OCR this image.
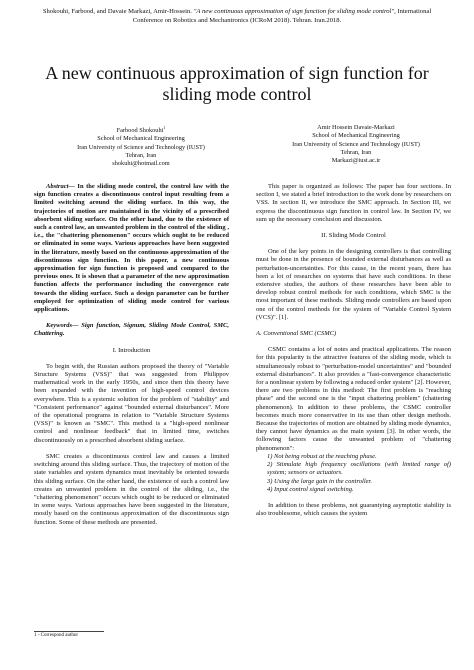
Shokouhi, Farbood, and Davaie Markazi, Amir-Hossein. "A new continuous approximation of sign function for sliding mode control", International Conference on Robotics and Mechantronics (ICRoM 2018). Tehran. Iran.2018.
A new continuous approximation of sign function for sliding mode control
Farbood Shokouhi$^1$
School of Mechanical Engineering
Iran University of Science and Technology (IUST)
Tehran, Iran
shokuhi@hotmail.com
Amir Hossein Davaie-Markazi
School of Mechanical Engineering
Iran University of Science and Technology (IUST)
Tehran, Iran
Markazi@iust.ac.ir

Abstract— In the sliding mode control, the control law with the sign function creates a discontinuous control input resulting from a limited switching around the sliding surface. In this way, the trajectories of motion are maintained in the vicinity of a prescribed absorbent sliding surface. On the other hand, due to the existence of such a control law, an unwanted problem in the control of the sliding , i.e., the "chattering phenomenon" occurs which ought to be reduced or eliminated in some ways. Various approaches have been suggested in the literature, mostly based on the continuous approximation of the discontinuous sign function. In this paper, a new continuous approximation for sign function is proposed and compared to the previous ones. It is shown that a parameter of the new approximation function affects the performance including the convergence rate towards the sliding surface. Such a design parameter can be further employed for optimization of sliding mode control for various applications.

Keywords— Sign function, Signum, Sliding Mode Control, SMC, Chattering.

I. Introduction

To begin with, the Russian authors proposed the theory of "Variable Structure Systems (VSS)" that was suggested from Philippov mathematical work in the early 1950s, and since then this theory have been expanded with the invention of high-speed control devices everywhere. This is a systemic solution for the problem of "stability" and "Consistent performance" against "bounded external disturbances". More of the operational programs in relation to "Variable Structure Systems (VSS)" is known as "SMC". This method is a "high-speed nonlinear control and nonlinear feedback" that in limited time, switches discontinuously on a prescribed absorbent sliding surface.

SMC creates a discontinuous control law and causes a limited switching around this sliding surface. Thus, the trajectory of motion of the state variables and system dynamics must inevitably be oriented towards this sliding surface. On the other hand, the existence of such a control law creates an unwanted problem in the control of the sliding, i.e., the "chattering phenomenon" occurs which ought to be reduced or eliminated in some ways. Various approaches have been suggested in the literature, mostly based on the continuous approximation of the discontinuous sign function. Some of these methods are presented.

This paper is organized as follows: The paper has four sections. In section I, we stated a brief introduction to the work done by researchers on VSS. In section II, we introduce the SMC approach. In Section III, we express the discontinuous sign function in control law. In Section IV, we sum up the necessary conclusion and discussion.

II. Sliding Mode Control

One of the key points in the designing controllers is that controlling must be done in the presence of bounded external disturbances as well as perturbation-uncertainties. For this cause, in the recent years, there has been a lot of researches on systems that have such conditions. In these extensive studies, the authors of these researches have been able to develop robust control methods for such conditions, which SMC is the most important of these methods. Sliding mode controllers are based upon one of the control methods for the system of "Variable Control System (VCS)". [1].

A. Conventional SMC (CSMC)

CSMC contains a lot of notes and practical applications. The reason for this popularity is the attractive features of the sliding mode, which is simultaneously robust to "perturbation-model uncertainties" and "bounded external disturbances". It also provides a "fast-convergence characteristic for a nonlinear system by following a reduced order system" [2]. However, there are two problems in this method: The first problem is "reaching phase" and the second one is the "input chattering problem" (chattering phenomenon). In addition to these problems, the CSMC controller becomes much more conservative in its use than other design methods. Because the trajectories of motion are obtained by sliding mode dynamics, they cannot have dynamics as the main system [3]. In other words, the following factors cause the unwanted problem of "chattering phenomenon":

1) Not being robust at the reaching phase.
2) Stimulate high frequency oscillations (with limited range of) system; sensors or actuators.
3) Using the large gain in the controller.
4) Input control signal switching.

In addition to these problems, not guarantying asymptotic stability is also troublesome, which causes the system

1 - Correspond author
